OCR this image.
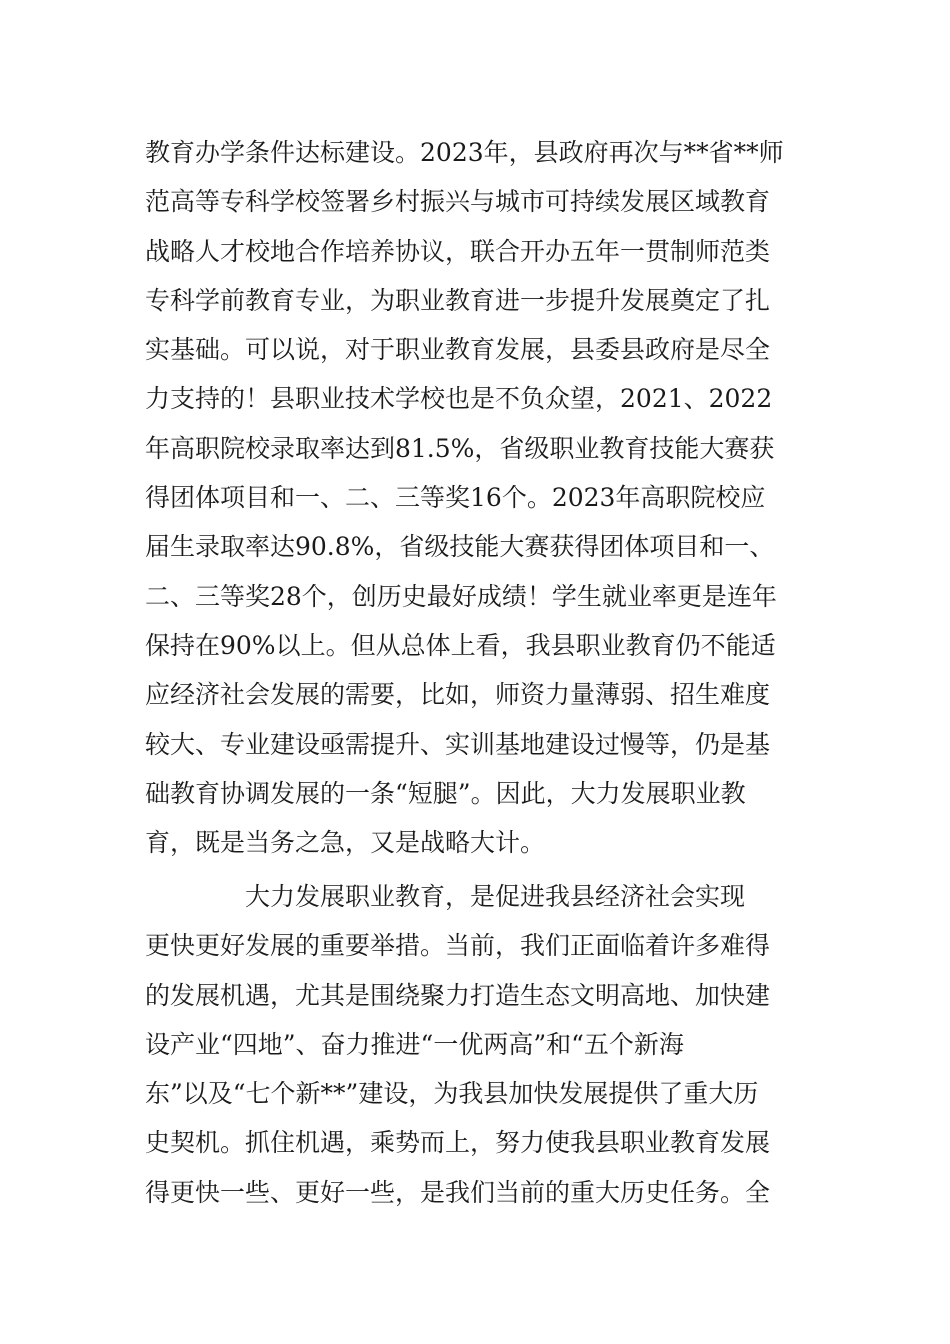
教育办学条件达标建设。2023年，县政府再次与**省**师
范高等专科学校签署乡村振兴与城市可持续发展区域教育
战略人才校地合作培养协议，联合开办五年一贯制师范类
专科学前教育专业，为职业教育进一步提升发展奠定了扎
实基础。可以说，对于职业教育发展，县委县政府是尽全
力支持的！县职业技术学校也是不负众望，2021、2022
年高职院校录取率达到81.5%，省级职业教育技能大赛获
得团体项目和一、二、三等奖16个。2023年高职院校应
届生录取率达90.8%，省级技能大赛获得团体项目和一、
二、三等奖28个，创历史最好成绩！学生就业率更是连年
保持在90%以上。但从总体上看，我县职业教育仍不能适
应经济社会发展的需要，比如，师资力量薄弱、招生难度
较大、专业建设亟需提升、实训基地建设过慢等，仍是基
础教育协调发展的一条“短腿”。因此，大力发展职业教
育，既是当务之急，又是战略大计。
　　　　大力发展职业教育，是促进我县经济社会实现
更快更好发展的重要举措。当前，我们正面临着许多难得
的发展机遇，尤其是围绕聚力打造生态文明高地、加快建
设产业“四地”、奋力推进“一优两高”和“五个新海
东”以及“七个新**”建设，为我县加快发展提供了重大历
史契机。抓住机遇，乘势而上，努力使我县职业教育发展
得更快一些、更好一些，是我们当前的重大历史任务。全
